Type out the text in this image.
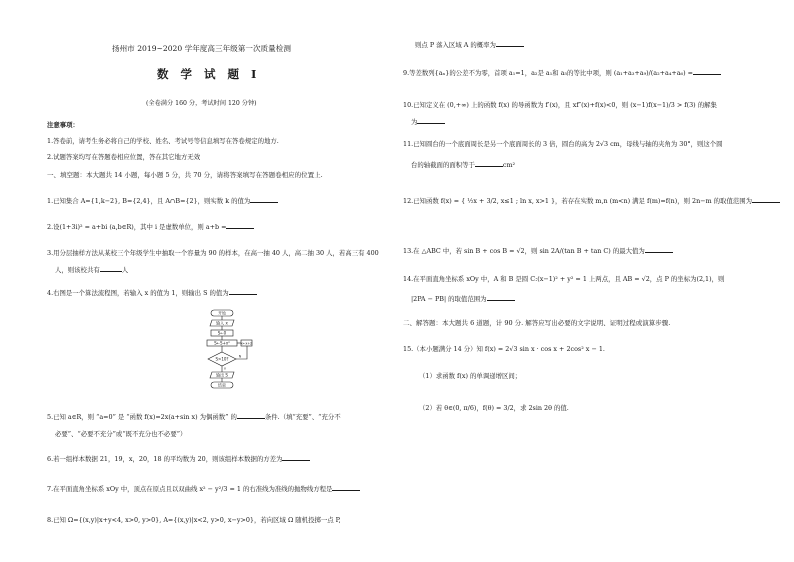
扬州市 2019~2020 学年度高三年级第一次质量检测
数 学 试 题 Ⅰ
(全卷满分 160 分，考试时间 120 分钟)
注意事项：
1.答卷前，请考生务必将自己的学校、姓名、考试号等信息填写在答卷规定的地方.
2.试题答案均写在答题卷相应位置，答在其它地方无效
一、填空题：本大题共 14 小题，每小题 5 分，共 70 分，请将答案填写在答题卷相应的位置上.
1.已知集合 A={1,k−2}, B={2,4}，且 A∩B={2}，则实数 k 的值为
2.设(1+3i)² = a+bi (a,b∈R)，其中 i 是虚数单位，则 a+b =
3.用分层抽样方法从某校三个年级学生中抽取一个容量为 90 的样本，在高一抽 40 人，高二抽 30 人，若高三有 400
人，则该校共有	人
4.右图是一个算法流程图，若输入 x 的值为 1，则输出 S 的值为
开始
输入 x
S←0
S←S+x²	x←x+2
S>10?	N
Y
输出 S
结束
5.已知 a∈R，则 “a=0” 是 “函数 f(x)=2x(a+sin x) 为偶函数” 的	条件.（填“充要”、“充分不
必要”、“必要不充分”或“既不充分也不必要”）
6.若一组样本数据 21，19，x，20，18 的平均数为 20，则该组样本数据的方差为
7.在平面直角坐标系 xOy 中，顶点在原点且以双曲线 x² − y²/3 = 1 的右准线为准线的抛物线方程是
8.已知 Ω={(x,y)|x+y<4, x>0, y>0}, A={(x,y)|x<2, y>0, x−y>0}，若向区域 Ω 随机投掷一点 P,
则点 P 落入区域 A 的概率为
9.等差数列{aₙ}的公差不为零，首项 a₁=1，a₂是 a₁和 a₅的等比中项，则 (a₁+a₃+a₉)/(a₂+a₄+a₆) =
10.已知定义在 (0,+∞) 上的函数 f(x) 的导函数为 f′(x)，且 xf″(x)+f(x)<0，则 (x−1)f(x−1)/3 > f(3) 的解集
为
11.已知圆台的一个底面周长是另一个底面周长的 3 倍，圆台的高为 2√3 cm，母线与轴的夹角为 30°，则这个圆
台的轴截面的面积等于	cm²
12.已知函数 f(x) = { ½x + 3/2, x≤1 ; ln x, x>1 }，若存在实数 m,n (m<n) 满足 f(m)=f(n)，则 2n−m 的取值范围为
13.在 △ABC 中，若 sin B + cos B = √2，则 sin 2A/(tan B + tan C) 的最大值为
14.在平面直角坐标系 xOy 中，A 和 B 是圆 C:(x−1)² + y² = 1 上两点，且 AB = √2，点 P 的坐标为(2,1)，则
|2PA − PB| 的取值范围为
二、解答题：本大题共 6 道题，计 90 分. 解答应写出必要的文字说明、证明过程或演算步骤.
15.（本小题满分 14 分）知 f(x) = 2√3 sin x · cos x + 2cos² x − 1.
（1）求函数 f(x) 的单调递增区间；
（2）若 θ∈(0, π/6)，f(θ) = 3/2，求 2sin 2θ 的值.
